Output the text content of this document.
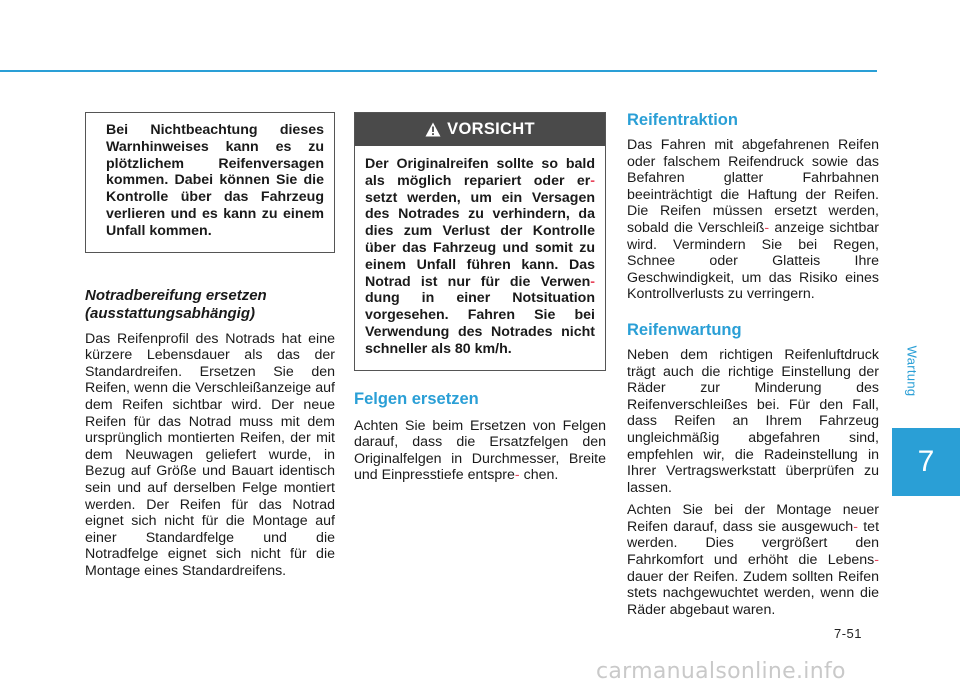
Wartung
7

Bei Nichtbeachtung dieses Warnhinweises kann es zu plötzlichem Reifenversagen kommen. Dabei können Sie die Kontrolle über das Fahrzeug verlieren und es kann zu einem Unfall kommen.

Notradbereifung ersetzen
(ausstattungsabhängig)

Das Reifenprofil des Notrads hat eine kürzere Lebensdauer als das der Standardreifen. Ersetzen Sie den Reifen, wenn die Verschleißanzeige auf dem Reifen sichtbar wird. Der neue Reifen für das Notrad muss mit dem ursprünglich montierten Reifen, der mit dem Neuwagen geliefert wurde, in Bezug auf Größe und Bauart identisch sein und auf derselben Felge montiert werden. Der Reifen für das Notrad eignet sich nicht für die Montage auf einer Standardfelge und die Notradfelge eignet sich nicht für die Montage eines Standardreifens.

VORSICHT

Der Originalreifen sollte so bald als möglich repariert oder er- setzt werden, um ein Versagen des Notrades zu verhindern, da dies zum Verlust der Kontrolle über das Fahrzeug und somit zu einem Unfall führen kann. Das Notrad ist nur für die Verwen- dung in einer Notsituation vorgesehen. Fahren Sie bei Verwendung des Notrades nicht schneller als 80 km/h.

Felgen ersetzen

Achten Sie beim Ersetzen von Felgen darauf, dass die Ersatzfelgen den Originalfelgen in Durchmesser, Breite und Einpresstiefe entspre- chen.

Reifentraktion

Das Fahren mit abgefahrenen Reifen oder falschem Reifendruck sowie das Befahren glatter Fahrbahnen beeinträchtigt die Haftung der Reifen. Die Reifen müssen ersetzt werden, sobald die Verschleiß- anzeige sichtbar wird. Vermindern Sie bei Regen, Schnee oder Glatteis Ihre Geschwindigkeit, um das Risiko eines Kontrollverlusts zu verringern.

Reifenwartung

Neben dem richtigen Reifenluftdruck trägt auch die richtige Einstellung der Räder zur Minderung des Reifenverschleißes bei. Für den Fall, dass Reifen an Ihrem Fahrzeug ungleichmäßig abgefahren sind, empfehlen wir, die Radeinstellung in Ihrer Vertragswerkstatt überprüfen zu lassen.

Achten Sie bei der Montage neuer Reifen darauf, dass sie ausgewuch- tet werden. Dies vergrößert den Fahrkomfort und erhöht die Lebens- dauer der Reifen. Zudem sollten Reifen stets nachgewuchtet werden, wenn die Räder abgebaut waren.

7-51
carmanualsonline.info
